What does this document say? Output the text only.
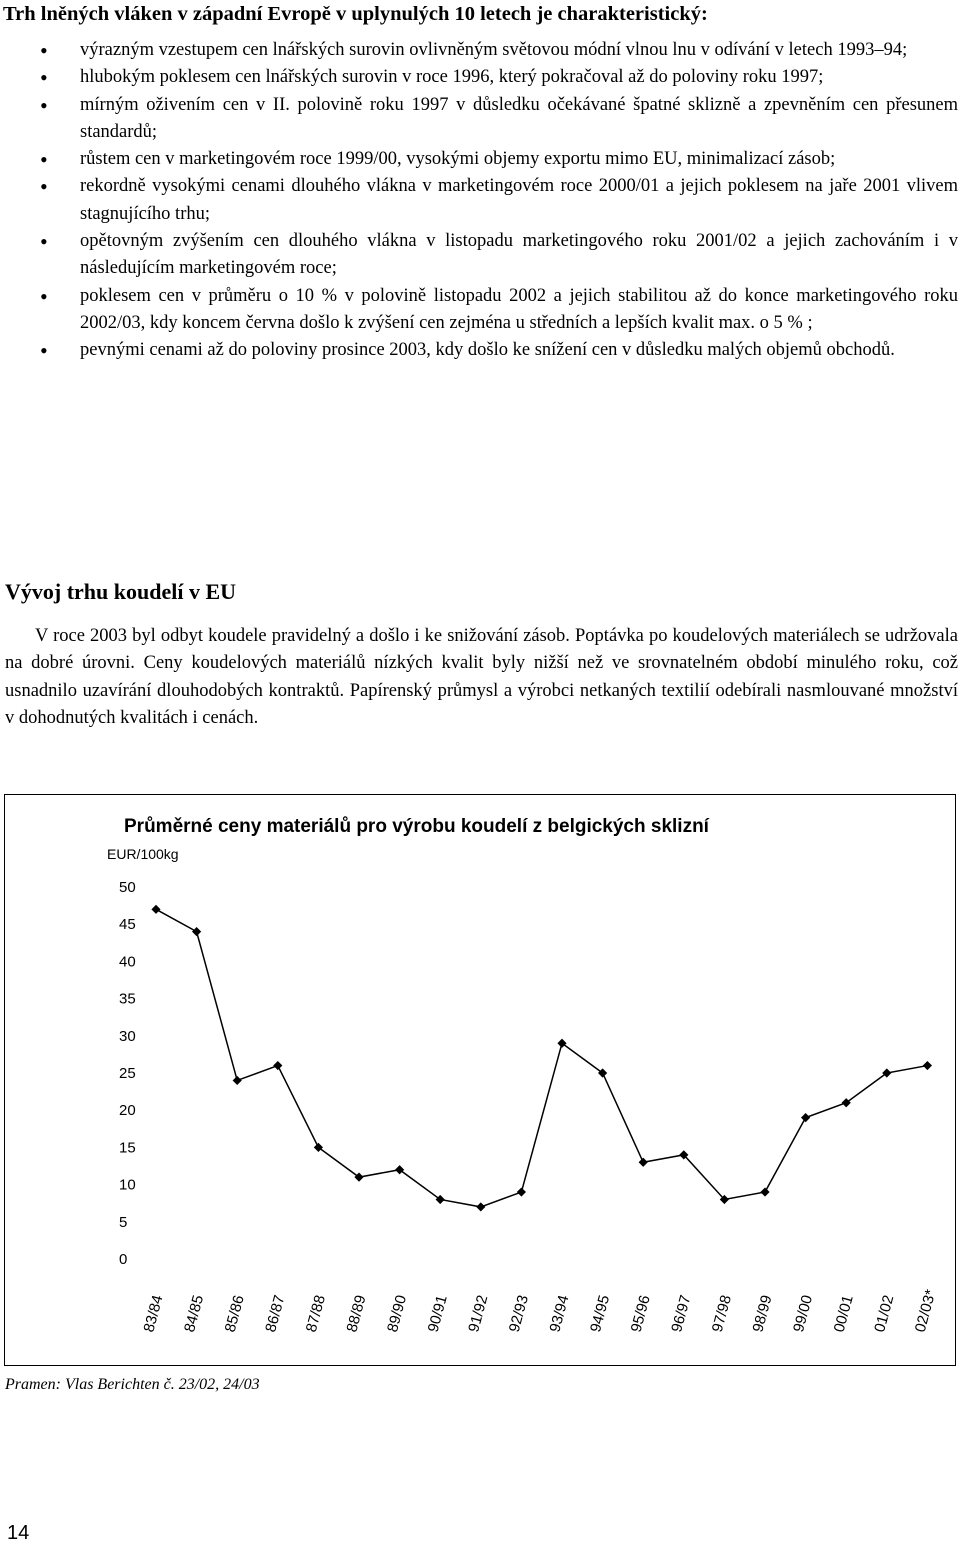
Trh lněných vláken v západní Evropě v uplynulých 10 letech je charakteristický:
• výrazným vzestupem cen lnářských surovin ovlivněným světovou módní vlnou lnu v odívání v letech 1993–94;
• hlubokým poklesem cen lnářských surovin v roce 1996, který pokračoval až do poloviny roku 1997;
• mírným oživením cen v II. polovině roku 1997 v důsledku očekávané špatné sklizně a zpevněním cen přesunem standardů;
• růstem cen v marketingovém roce 1999/00, vysokými objemy exportu mimo EU, minimalizací zásob;
• rekordně vysokými cenami dlouhého vlákna v marketingovém roce 2000/01 a jejich poklesem na jaře 2001 vlivem stagnujícího trhu;
• opětovným zvýšením cen dlouhého vlákna v listopadu marketingového roku 2001/02 a jejich zachováním i v následujícím marketingovém roce;
• poklesem cen v průměru o 10 % v polovině listopadu 2002 a jejich stabilitou až do konce marketingového roku 2002/03, kdy koncem června došlo k zvýšení cen zejména u středních a lepších kvalit max. o 5 % ;
• pevnými cenami až do poloviny prosince 2003, kdy došlo ke snížení cen v důsledku malých objemů obchodů.
Vývoj trhu koudelí v EU

V roce 2003 byl odbyt koudele pravidelný a došlo i ke snižování zásob. Poptávka po koudelových materiálech se udržovala na dobré úrovni. Ceny koudelových materiálů nízkých kvalit byly nižší než ve srovnatelném období minulého roku, což usnadnilo uzavírání dlouhodobých kontraktů. Papírenský průmysl a výrobci netkaných textilií odebírali nasmlouvané množství v dohodnutých kvalitách i cenách.

Průměrné ceny materiálů pro výrobu koudelí z belgických sklizní
EUR/100kg
0
5
10
15
20
25
30
35
40
45
50
83/84 84/85 85/86 86/87 87/88 88/89 89/90 90/91 91/92 92/93 93/94 94/95 95/96 96/97 97/98 98/99 99/00 00/01 01/02 02/03*

Pramen: Vlas Berichten č. 23/02, 24/03

14
